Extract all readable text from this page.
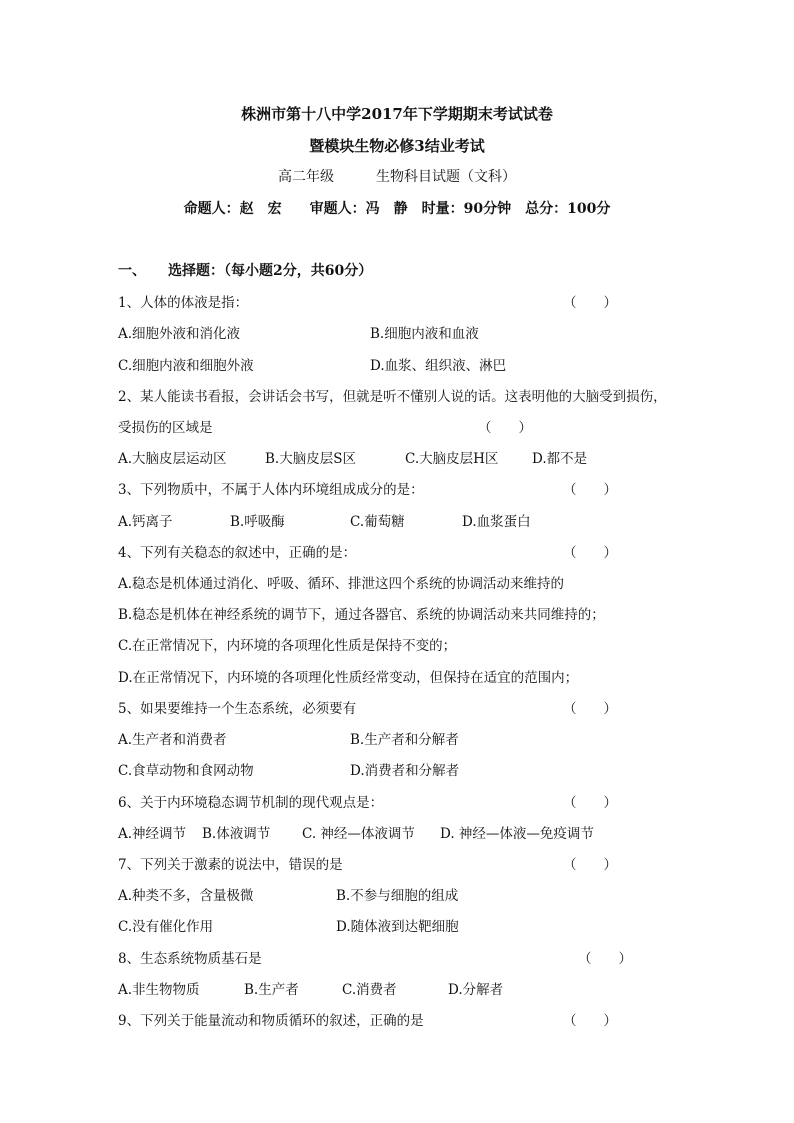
株洲市第十八中学2017年下学期期末考试试卷
暨模块生物必修3结业考试
高二年级　　　生物科目试题（文科）
命题人：赵　宏　　审题人：冯　静　时量：90分钟　总分：100分
一、 选择题：（每小题2分，共60分）
1、人体的体液是指：	（　　）
A.细胞外液和消化液	B.细胞内液和血液
C.细胞内液和细胞外液	D.血浆、组织液、淋巴
2、某人能读书看报，会讲话会书写，但就是听不懂别人说的话。这表明他的大脑受到损伤，
受损伤的区域是	（　　）
A.大脑皮层运动区	B.大脑皮层S区	C.大脑皮层H区 D.都不是
3、下列物质中，不属于人体内环境组成成分的是：	（　　）
A.钙离子	B.呼吸酶	C.葡萄糖	D.血浆蛋白
4、下列有关稳态的叙述中，正确的是：	（　　）
A.稳态是机体通过消化、呼吸、循环、排泄这四个系统的协调活动来维持的
B.稳态是机体在神经系统的调节下，通过各器官、系统的协调活动来共同维持的；
C.在正常情况下，内环境的各项理化性质是保持不变的；
D.在正常情况下，内环境的各项理化性质经常变动，但保持在适宜的范围内；
5、如果要维持一个生态系统，必须要有	（　　）
A.生产者和消费者	B.生产者和分解者
C.食草动物和食网动物	D.消费者和分解者
6、关于内环境稳态调节机制的现代观点是：	（　　）
A.神经调节 B.体液调节 C. 神经—体液调节 D. 神经—体液—免疫调节
7、下列关于激素的说法中，错误的是	（　　）
A.种类不多，含量极微	B.不参与细胞的组成
C.没有催化作用	D.随体液到达靶细胞
8、生态系统物质基石是	（　　）
A.非生物物质	B.生产者	C.消费者	D.分解者
9、下列关于能量流动和物质循环的叙述，正确的是	（　　）
